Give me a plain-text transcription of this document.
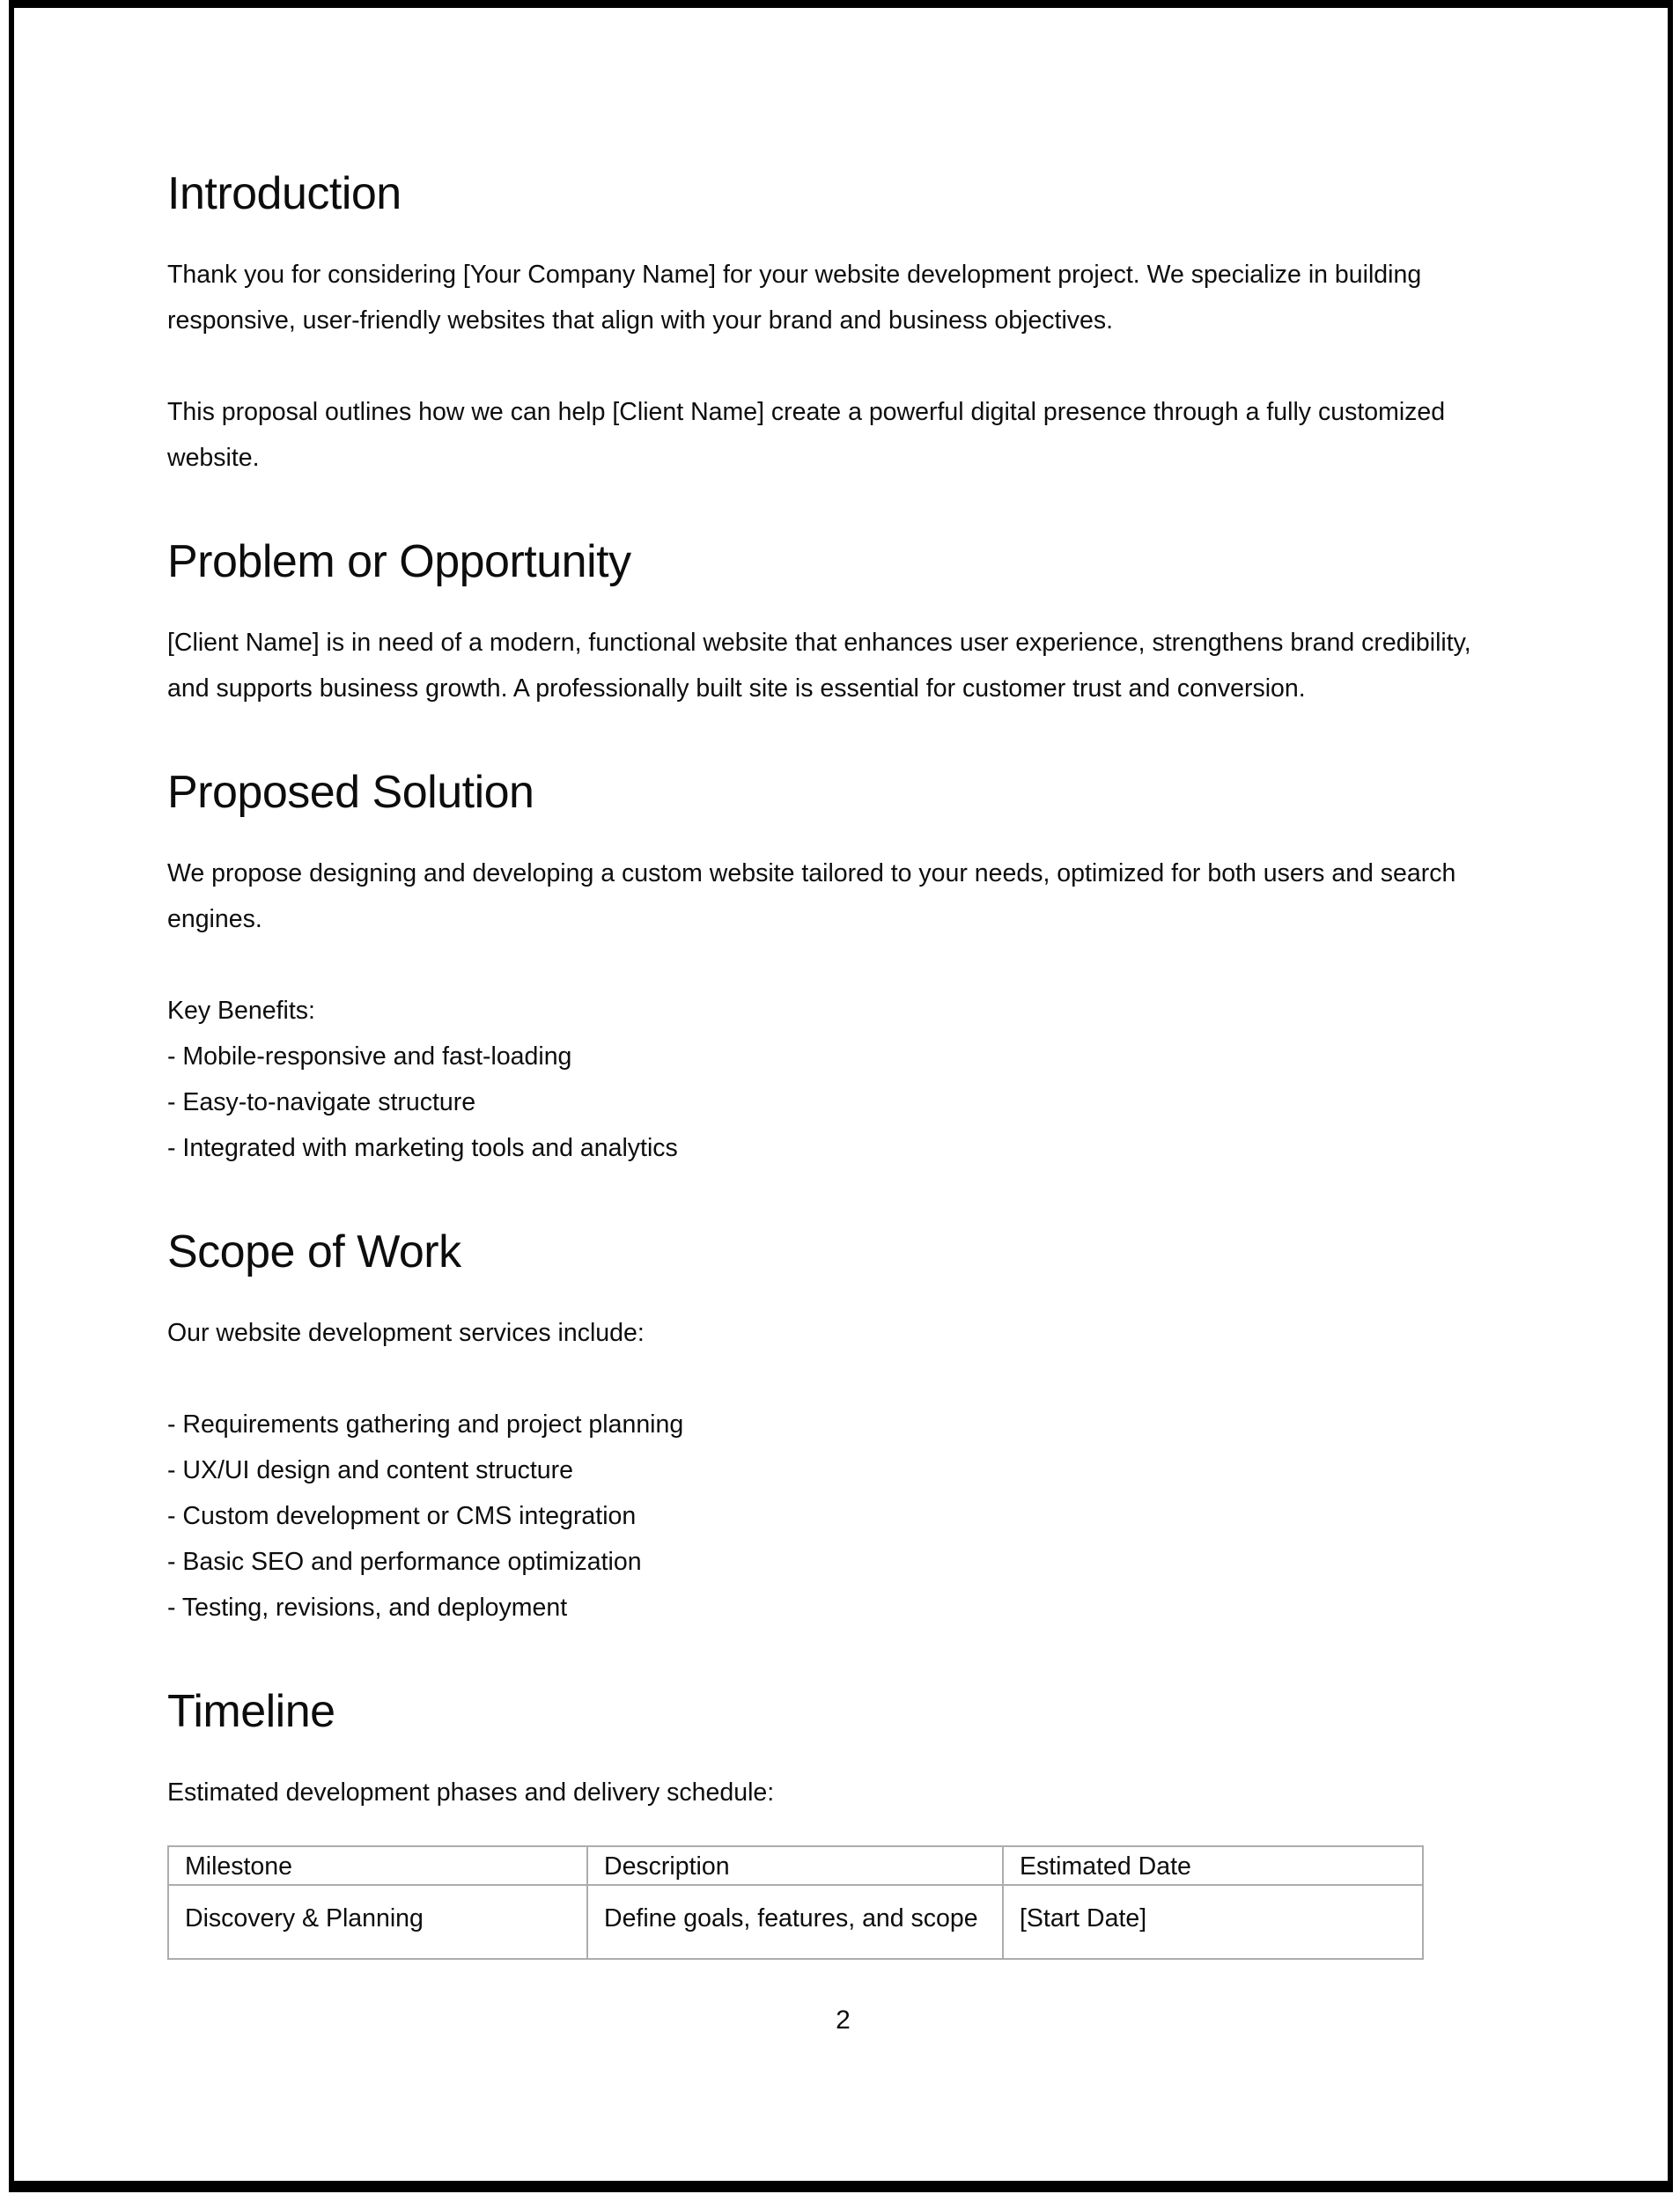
Introduction

Thank you for considering [Your Company Name] for your website development project. We specialize in building responsive, user-friendly websites that align with your brand and business objectives.

This proposal outlines how we can help [Client Name] create a powerful digital presence through a fully customized website.

Problem or Opportunity

[Client Name] is in need of a modern, functional website that enhances user experience, strengthens brand credibility, and supports business growth. A professionally built site is essential for customer trust and conversion.

Proposed Solution

We propose designing and developing a custom website tailored to your needs, optimized for both users and search engines.

Key Benefits:

- Mobile-responsive and fast-loading

- Easy-to-navigate structure

- Integrated with marketing tools and analytics

Scope of Work

Our website development services include:

- Requirements gathering and project planning

- UX/UI design and content structure

- Custom development or CMS integration

- Basic SEO and performance optimization

- Testing, revisions, and deployment

Timeline

Estimated development phases and delivery schedule:

Milestone	Description	Estimated Date
Discovery & Planning	Define goals, features, and scope	[Start Date]
2
